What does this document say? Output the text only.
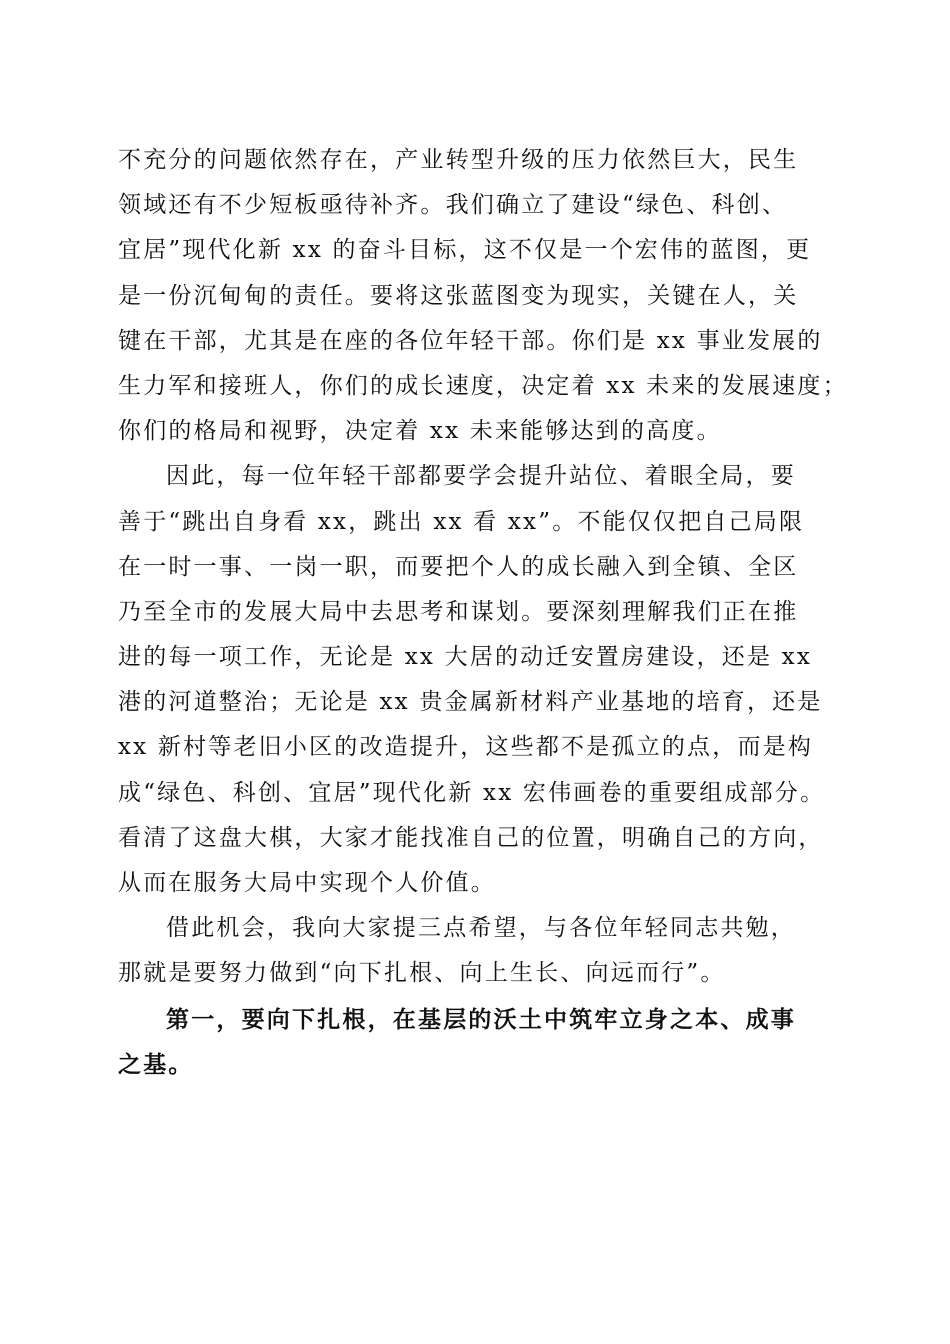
不充分的问题依然存在，产业转型升级的压力依然巨大，民生
领域还有不少短板亟待补齐。我们确立了建设“绿色、科创、
宜居”现代化新 xx 的奋斗目标，这不仅是一个宏伟的蓝图，更
是一份沉甸甸的责任。要将这张蓝图变为现实，关键在人，关
键在干部，尤其是在座的各位年轻干部。你们是 xx 事业发展的
生力军和接班人，你们的成长速度，决定着 xx 未来的发展速度；
你们的格局和视野，决定着 xx 未来能够达到的高度。
因此，每一位年轻干部都要学会提升站位、着眼全局，要
善于“跳出自身看 xx，跳出 xx 看 xx”。不能仅仅把自己局限
在一时一事、一岗一职，而要把个人的成长融入到全镇、全区
乃至全市的发展大局中去思考和谋划。要深刻理解我们正在推
进的每一项工作，无论是 xx 大居的动迁安置房建设，还是 xx
港的河道整治；无论是 xx 贵金属新材料产业基地的培育，还是
xx 新村等老旧小区的改造提升，这些都不是孤立的点，而是构
成“绿色、科创、宜居”现代化新 xx 宏伟画卷的重要组成部分。
看清了这盘大棋，大家才能找准自己的位置，明确自己的方向，
从而在服务大局中实现个人价值。
借此机会，我向大家提三点希望，与各位年轻同志共勉，
那就是要努力做到“向下扎根、向上生长、向远而行”。
第一，要向下扎根，在基层的沃土中筑牢立身之本、成事
之基。
